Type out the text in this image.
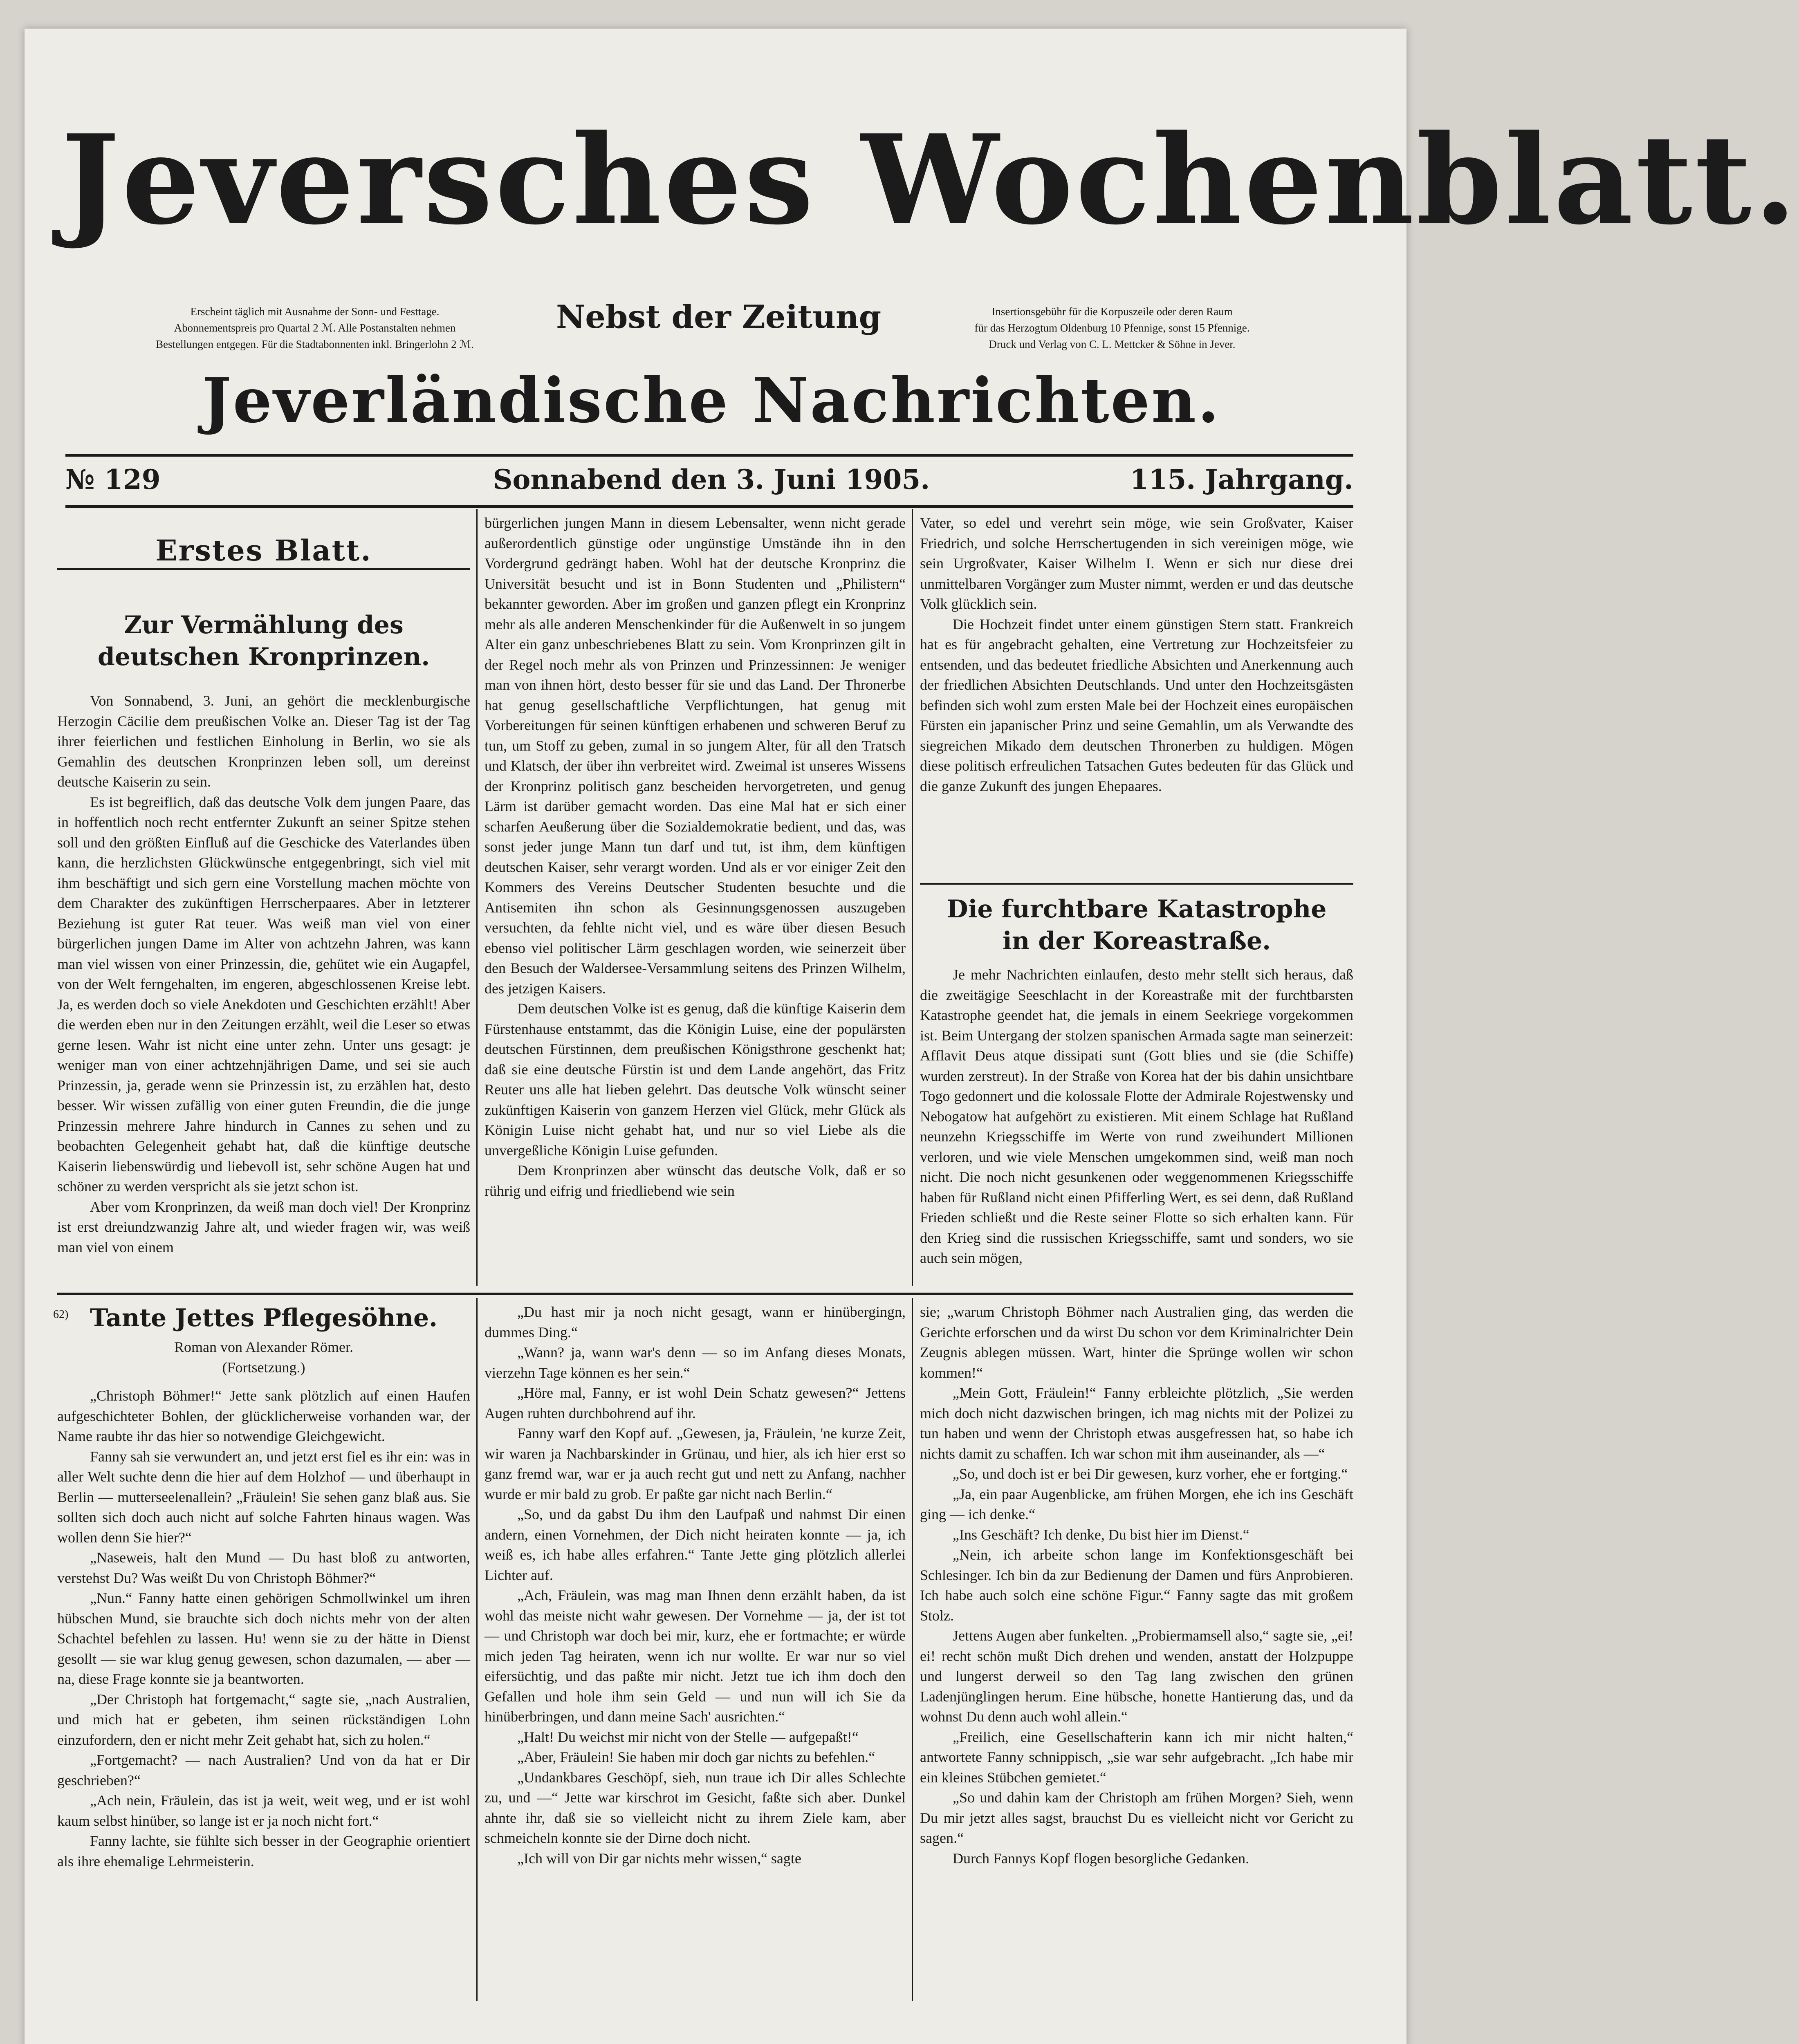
Jeversches Wochenblatt.
Erscheint täglich mit Ausnahme der Sonn- und Festtage.
Abonnementspreis pro Quartal 2 ℳ. Alle Postanstalten nehmen
Bestellungen entgegen. Für die Stadtabonnenten inkl. Bringerlohn 2 ℳ.
Nebst der Zeitung	Insertionsgebühr für die Korpuszeile oder deren Raum
für das Herzogtum Oldenburg 10 Pfennige, sonst 15 Pfennige.
Druck und Verlag von C. L. Mettcker & Söhne in Jever.
Jeverländische Nachrichten.
№ 129	Sonnabend den 3. Juni 1905.	115. Jahrgang.
Erstes Blatt.
Zur Vermählung des
deutschen Kronprinzen.

Von Sonnabend, 3. Juni, an gehört die mecklenburgische Herzogin Cäcilie dem preußischen Volke an. Dieser Tag ist der Tag ihrer feierlichen und festlichen Einholung in Berlin, wo sie als Gemahlin des deutschen Kronprinzen leben soll, um dereinst deutsche Kaiserin zu sein.

Es ist begreiflich, daß das deutsche Volk dem jungen Paare, das in hoffentlich noch recht entfernter Zukunft an seiner Spitze stehen soll und den größten Einfluß auf die Geschicke des Vaterlandes üben kann, die herzlichsten Glückwünsche entgegenbringt, sich viel mit ihm beschäftigt und sich gern eine Vorstellung machen möchte von dem Charakter des zukünftigen Herrscherpaares. Aber in letzterer Beziehung ist guter Rat teuer. Was weiß man viel von einer bürgerlichen jungen Dame im Alter von achtzehn Jahren, was kann man viel wissen von einer Prinzessin, die, gehütet wie ein Augapfel, von der Welt ferngehalten, im engeren, abgeschlossenen Kreise lebt. Ja, es werden doch so viele Anekdoten und Geschichten erzählt! Aber die werden eben nur in den Zeitungen erzählt, weil die Leser so etwas gerne lesen. Wahr ist nicht eine unter zehn. Unter uns gesagt: je weniger man von einer achtzehnjährigen Dame, und sei sie auch Prinzessin, ja, gerade wenn sie Prinzessin ist, zu erzählen hat, desto besser. Wir wissen zufällig von einer guten Freundin, die die junge Prinzessin mehrere Jahre hindurch in Cannes zu sehen und zu beobachten Gelegenheit gehabt hat, daß die künftige deutsche Kaiserin liebenswürdig und liebevoll ist, sehr schöne Augen hat und schöner zu werden verspricht als sie jetzt schon ist.

Aber vom Kronprinzen, da weiß man doch viel! Der Kronprinz ist erst dreiundzwanzig Jahre alt, und wieder fragen wir, was weiß man viel von einem

bürgerlichen jungen Mann in diesem Lebensalter, wenn nicht gerade außerordentlich günstige oder ungünstige Umstände ihn in den Vordergrund gedrängt haben. Wohl hat der deutsche Kronprinz die Universität besucht und ist in Bonn Studenten und „Philistern“ bekannter geworden. Aber im großen und ganzen pflegt ein Kronprinz mehr als alle anderen Menschenkinder für die Außenwelt in so jungem Alter ein ganz unbeschriebenes Blatt zu sein. Vom Kronprinzen gilt in der Regel noch mehr als von Prinzen und Prinzessinnen: Je weniger man von ihnen hört, desto besser für sie und das Land. Der Thronerbe hat genug gesellschaftliche Verpflichtungen, hat genug mit Vorbereitungen für seinen künftigen erhabenen und schweren Beruf zu tun, um Stoff zu geben, zumal in so jungem Alter, für all den Tratsch und Klatsch, der über ihn verbreitet wird. Zweimal ist unseres Wissens der Kronprinz politisch ganz bescheiden hervorgetreten, und genug Lärm ist darüber gemacht worden. Das eine Mal hat er sich einer scharfen Aeußerung über die Sozialdemokratie bedient, und das, was sonst jeder junge Mann tun darf und tut, ist ihm, dem künftigen deutschen Kaiser, sehr verargt worden. Und als er vor einiger Zeit den Kommers des Vereins Deutscher Studenten besuchte und die Antisemiten ihn schon als Gesinnungsgenossen auszugeben versuchten, da fehlte nicht viel, und es wäre über diesen Besuch ebenso viel politischer Lärm geschlagen worden, wie seinerzeit über den Besuch der Waldersee-Versammlung seitens des Prinzen Wilhelm, des jetzigen Kaisers.

Dem deutschen Volke ist es genug, daß die künftige Kaiserin dem Fürstenhause entstammt, das die Königin Luise, eine der populärsten deutschen Fürstinnen, dem preußischen Königsthrone geschenkt hat; daß sie eine deutsche Fürstin ist und dem Lande angehört, das Fritz Reuter uns alle hat lieben gelehrt. Das deutsche Volk wünscht seiner zukünftigen Kaiserin von ganzem Herzen viel Glück, mehr Glück als Königin Luise nicht gehabt hat, und nur so viel Liebe als die unvergeßliche Königin Luise gefunden.

Dem Kronprinzen aber wünscht das deutsche Volk, daß er so rührig und eifrig und friedliebend wie sein

Vater, so edel und verehrt sein möge, wie sein Großvater, Kaiser Friedrich, und solche Herrschertugenden in sich vereinigen möge, wie sein Urgroßvater, Kaiser Wilhelm I. Wenn er sich nur diese drei unmittelbaren Vorgänger zum Muster nimmt, werden er und das deutsche Volk glücklich sein.

Die Hochzeit findet unter einem günstigen Stern statt. Frankreich hat es für angebracht gehalten, eine Vertretung zur Hochzeitsfeier zu entsenden, und das bedeutet friedliche Absichten und Anerkennung auch der friedlichen Absichten Deutschlands. Und unter den Hochzeitsgästen befinden sich wohl zum ersten Male bei der Hochzeit eines europäischen Fürsten ein japanischer Prinz und seine Gemahlin, um als Verwandte des siegreichen Mikado dem deutschen Thronerben zu huldigen. Mögen diese politisch erfreulichen Tatsachen Gutes bedeuten für das Glück und die ganze Zukunft des jungen Ehepaares.

Die furchtbare Katastrophe
in der Koreastraße.

Je mehr Nachrichten einlaufen, desto mehr stellt sich heraus, daß die zweitägige Seeschlacht in der Koreastraße mit der furchtbarsten Katastrophe geendet hat, die jemals in einem Seekriege vorgekommen ist. Beim Untergang der stolzen spanischen Armada sagte man seinerzeit: Afflavit Deus atque dissipati sunt (Gott blies und sie (die Schiffe) wurden zerstreut). In der Straße von Korea hat der bis dahin unsichtbare Togo gedonnert und die kolossale Flotte der Admirale Rojestwensky und Nebogatow hat aufgehört zu existieren. Mit einem Schlage hat Rußland neunzehn Kriegsschiffe im Werte von rund zweihundert Millionen verloren, und wie viele Menschen umgekommen sind, weiß man noch nicht. Die noch nicht gesunkenen oder weggenommenen Kriegsschiffe haben für Rußland nicht einen Pfifferling Wert, es sei denn, daß Rußland Frieden schließt und die Reste seiner Flotte so sich erhalten kann. Für den Krieg sind die russischen Kriegsschiffe, samt und sonders, wo sie auch sein mögen,

62) Tante Jettes Pflegesöhne.

Roman von Alexander Römer.

(Fortsetzung.)

„Christoph Böhmer!“ Jette sank plötzlich auf einen Haufen aufgeschichteter Bohlen, der glücklicherweise vorhanden war, der Name raubte ihr das hier so notwendige Gleichgewicht.

Fanny sah sie verwundert an, und jetzt erst fiel es ihr ein: was in aller Welt suchte denn die hier auf dem Holzhof — und überhaupt in Berlin — mutterseelenallein? „Fräulein! Sie sehen ganz blaß aus. Sie sollten sich doch auch nicht auf solche Fahrten hinaus wagen. Was wollen denn Sie hier?“

„Naseweis, halt den Mund — Du hast bloß zu antworten, verstehst Du? Was weißt Du von Christoph Böhmer?“

„Nun.“ Fanny hatte einen gehörigen Schmollwinkel um ihren hübschen Mund, sie brauchte sich doch nichts mehr von der alten Schachtel befehlen zu lassen. Hu! wenn sie zu der hätte in Dienst gesollt — sie war klug genug gewesen, schon dazumalen, — aber — na, diese Frage konnte sie ja beantworten.

„Der Christoph hat fortgemacht,“ sagte sie, „nach Australien, und mich hat er gebeten, ihm seinen rückständigen Lohn einzufordern, den er nicht mehr Zeit gehabt hat, sich zu holen.“

„Fortgemacht? — nach Australien? Und von da hat er Dir geschrieben?“

„Ach nein, Fräulein, das ist ja weit, weit weg, und er ist wohl kaum selbst hinüber, so lange ist er ja noch nicht fort.“

Fanny lachte, sie fühlte sich besser in der Geographie orientiert als ihre ehemalige Lehrmeisterin.

„Du hast mir ja noch nicht gesagt, wann er hinübergingn, dummes Ding.“

„Wann? ja, wann war's denn — so im Anfang dieses Monats, vierzehn Tage können es her sein.“

„Höre mal, Fanny, er ist wohl Dein Schatz gewesen?“ Jettens Augen ruhten durchbohrend auf ihr.

Fanny warf den Kopf auf. „Gewesen, ja, Fräulein, 'ne kurze Zeit, wir waren ja Nachbarskinder in Grünau, und hier, als ich hier erst so ganz fremd war, war er ja auch recht gut und nett zu Anfang, nachher wurde er mir bald zu grob. Er paßte gar nicht nach Berlin.“

„So, und da gabst Du ihm den Laufpaß und nahmst Dir einen andern, einen Vornehmen, der Dich nicht heiraten konnte — ja, ich weiß es, ich habe alles erfahren.“ Tante Jette ging plötzlich allerlei Lichter auf.

„Ach, Fräulein, was mag man Ihnen denn erzählt haben, da ist wohl das meiste nicht wahr gewesen. Der Vornehme — ja, der ist tot — und Christoph war doch bei mir, kurz, ehe er fortmachte; er würde mich jeden Tag heiraten, wenn ich nur wollte. Er war nur so viel eifersüchtig, und das paßte mir nicht. Jetzt tue ich ihm doch den Gefallen und hole ihm sein Geld — und nun will ich Sie da hinüberbringen, und dann meine Sach' ausrichten.“

„Halt! Du weichst mir nicht von der Stelle — aufgepaßt!“

„Aber, Fräulein! Sie haben mir doch gar nichts zu befehlen.“

„Undankbares Geschöpf, sieh, nun traue ich Dir alles Schlechte zu, und —“ Jette war kirschrot im Gesicht, faßte sich aber. Dunkel ahnte ihr, daß sie so vielleicht nicht zu ihrem Ziele kam, aber schmeicheln konnte sie der Dirne doch nicht.

„Ich will von Dir gar nichts mehr wissen,“ sagte

sie; „warum Christoph Böhmer nach Australien ging, das werden die Gerichte erforschen und da wirst Du schon vor dem Kriminalrichter Dein Zeugnis ablegen müssen. Wart, hinter die Sprünge wollen wir schon kommen!“

„Mein Gott, Fräulein!“ Fanny erbleichte plötzlich, „Sie werden mich doch nicht dazwischen bringen, ich mag nichts mit der Polizei zu tun haben und wenn der Christoph etwas ausgefressen hat, so habe ich nichts damit zu schaffen. Ich war schon mit ihm auseinander, als —“

„So, und doch ist er bei Dir gewesen, kurz vorher, ehe er fortging.“

„Ja, ein paar Augenblicke, am frühen Morgen, ehe ich ins Geschäft ging — ich denke.“

„Ins Geschäft? Ich denke, Du bist hier im Dienst.“

„Nein, ich arbeite schon lange im Konfektionsgeschäft bei Schlesinger. Ich bin da zur Bedienung der Damen und fürs Anprobieren. Ich habe auch solch eine schöne Figur.“ Fanny sagte das mit großem Stolz.

Jettens Augen aber funkelten. „Probiermamsell also,“ sagte sie, „ei! ei! recht schön mußt Dich drehen und wenden, anstatt der Holzpuppe und lungerst derweil so den Tag lang zwischen den grünen Ladenjünglingen herum. Eine hübsche, honette Hantierung das, und da wohnst Du denn auch wohl allein.“

„Freilich, eine Gesellschafterin kann ich mir nicht halten,“ antwortete Fanny schnippisch, „sie war sehr aufgebracht. „Ich habe mir ein kleines Stübchen gemietet.“

„So und dahin kam der Christoph am frühen Morgen? Sieh, wenn Du mir jetzt alles sagst, brauchst Du es vielleicht nicht vor Gericht zu sagen.“

Durch Fannys Kopf flogen besorgliche Gedanken.
